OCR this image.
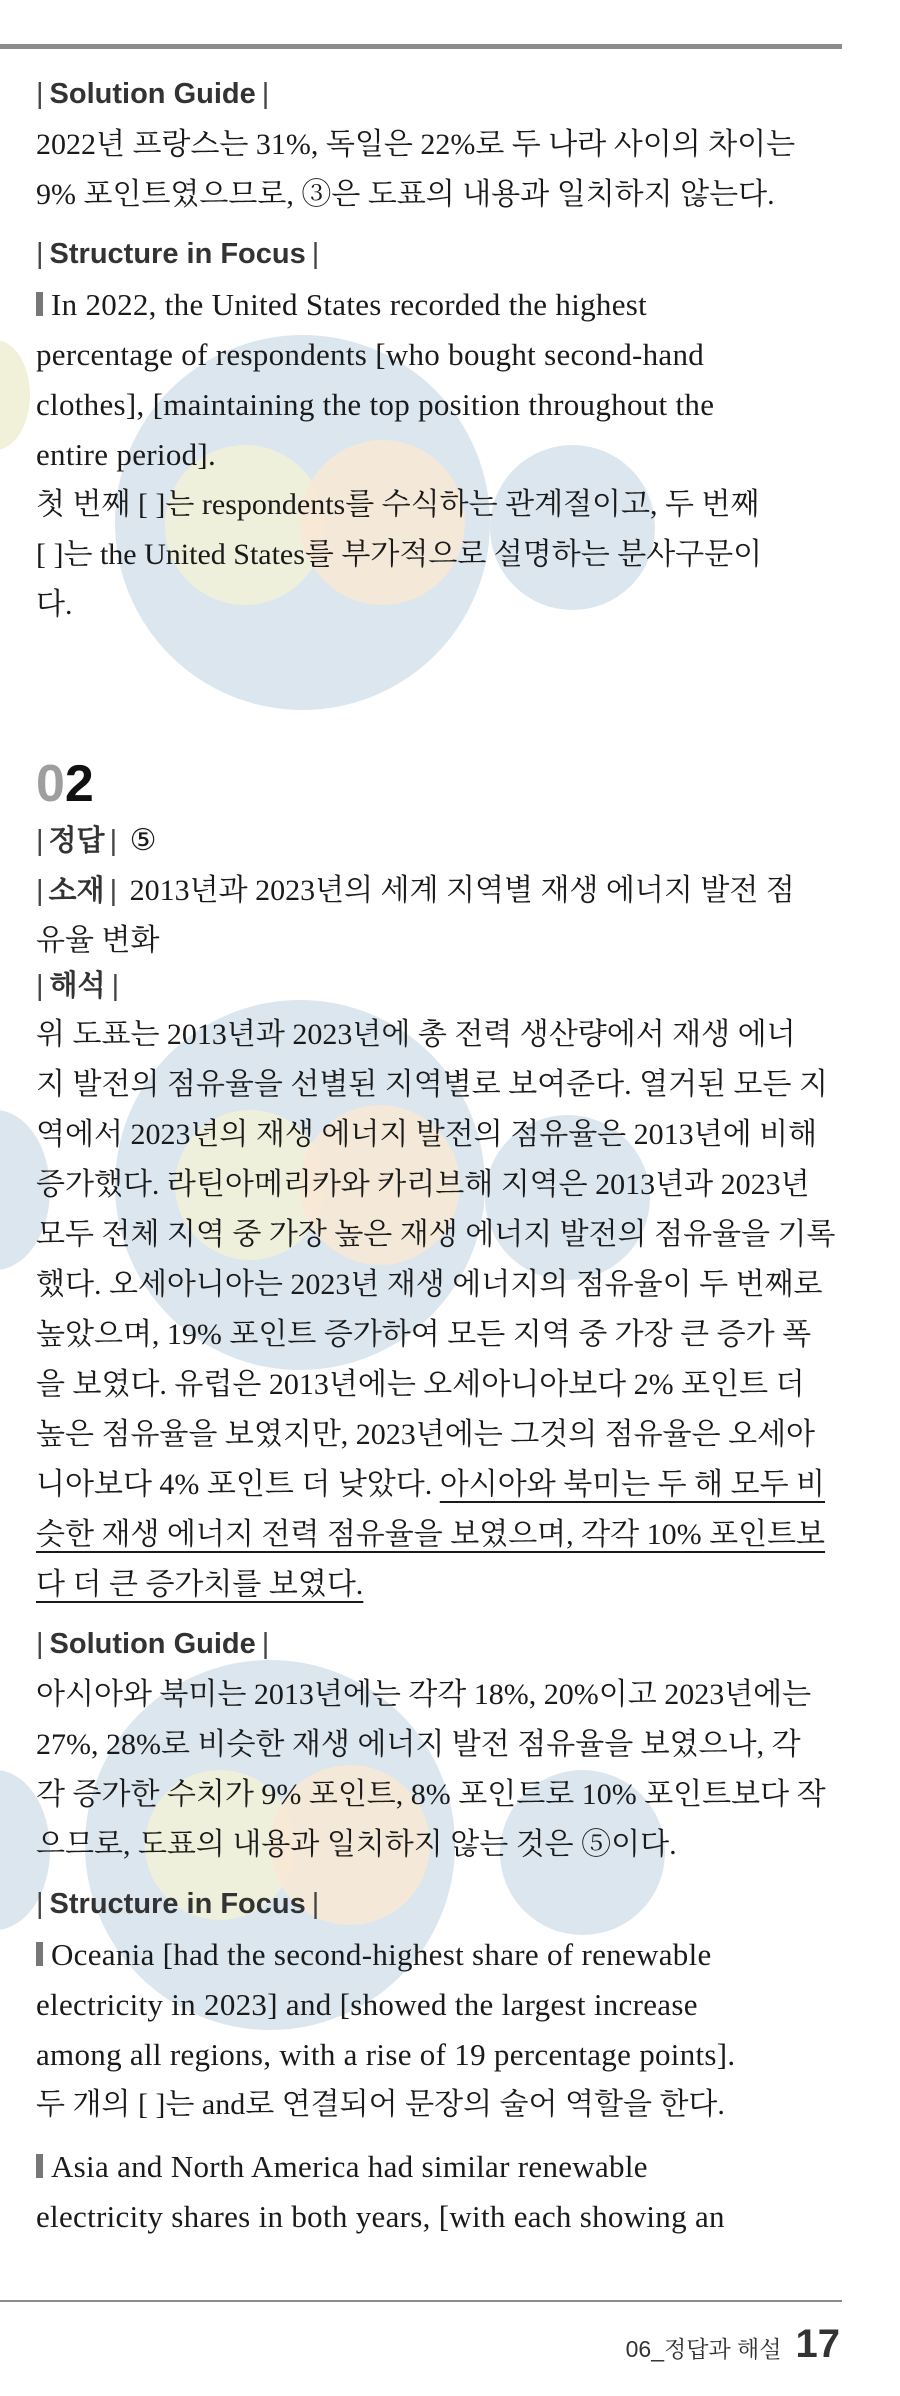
| Solution Guide |

2022년 프랑스는 31%, 독일은 22%로 두 나라 사이의 차이는
9% 포인트였으므로, ③은 도표의 내용과 일치하지 않는다.

| Structure in Focus |

In 2022, the United States recorded the highest
percentage of respondents [who bought second-hand
clothes], [maintaining the top position throughout the
entire period].

첫 번째 [ ]는 respondents를 수식하는 관계절이고, 두 번째
[ ]는 the United States를 부가적으로 설명하는 분사구문이
다.

02

| 정답 | ⑤

| 소재 | 2013년과 2023년의 세계 지역별 재생 에너지 발전 점
유율 변화

| 해석 |

위 도표는 2013년과 2023년에 총 전력 생산량에서 재생 에너
지 발전의 점유율을 선별된 지역별로 보여준다. 열거된 모든 지
역에서 2023년의 재생 에너지 발전의 점유율은 2013년에 비해
증가했다. 라틴아메리카와 카리브해 지역은 2013년과 2023년
모두 전체 지역 중 가장 높은 재생 에너지 발전의 점유율을 기록
했다. 오세아니아는 2023년 재생 에너지의 점유율이 두 번째로
높았으며, 19% 포인트 증가하여 모든 지역 중 가장 큰 증가 폭
을 보였다. 유럽은 2013년에는 오세아니아보다 2% 포인트 더
높은 점유율을 보였지만, 2023년에는 그것의 점유율은 오세아
니아보다 4% 포인트 더 낮았다. 아시아와 북미는 두 해 모두 비
슷한 재생 에너지 전력 점유율을 보였으며, 각각 10% 포인트보
다 더 큰 증가치를 보였다.

| Solution Guide |

아시아와 북미는 2013년에는 각각 18%, 20%이고 2023년에는
27%, 28%로 비슷한 재생 에너지 발전 점유율을 보였으나, 각
각 증가한 수치가 9% 포인트, 8% 포인트로 10% 포인트보다 작
으므로, 도표의 내용과 일치하지 않는 것은 ⑤이다.

| Structure in Focus |

Oceania [had the second-highest share of renewable
electricity in 2023] and [showed the largest increase
among all regions, with a rise of 19 percentage points].

두 개의 [ ]는 and로 연결되어 문장의 술어 역할을 한다.

Asia and North America had similar renewable
electricity shares in both years, [with each showing an

06_정답과 해설 17
